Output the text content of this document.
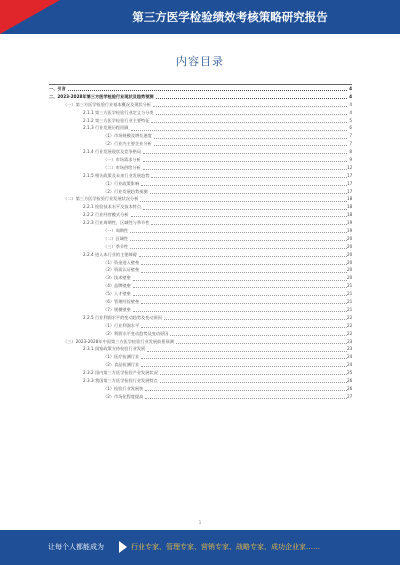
第三方医学检验绩效考核策略研究报告
内容目录
一、引言	4
二、2023-2028年第三方医学检验行业现状及趋势预测	4
（一）第三方医学检验行业基本概况及现状分析	4
2.1.1 第三方医学检验行业定义与分类	4
2.1.2 第三方医学检验行业主要特征	5
2.1.3 行业发展历程回顾	6
（1）市场规模及增长速度	7
（2）行业内主要企业分析	7
2.1.4 行业发展现状及竞争格局	8
（一）市场需求分析	9
（二）市场供给分析	12
2.1.5 相关政策及未来行业发展趋势	17
（1）行业政策影响	17
（2）行业发展趋势预测	17
（二）第三方医学检验行业发展状况分析	18
2.2.1 检验技术水平及技术特点	18
2.2.2 行业经营模式分析	18
2.2.3 行业周期性、区域性与季节性	19
（一）周期性	19
（二）区域性	20
（三）季节性	20
2.2.4 进入本行业的主要障碍	20
（1）资金进入壁垒	20
（2）资质认证壁垒	20
（3）技术壁垒	20
（4）品牌壁垒	21
（5）人才壁垒	21
（6）管理经验壁垒	21
（7）规模壁垒	21
2.2.5 行业利润水平的变动趋势及变动原因	22
（1）行业利润水平	22
（2）利润水平变动趋势及变动原因	22
（三）2023-2028年中国第三方医学检验行业发展前景预测	23
2.3.1 国家政策支持检验行业发展	23
（1）医疗检测行业	24
（2）食品检测行业	24
2.3.2 国内第三方医学检验产业发展状况	25
2.3.3 我国第三方医学检验行业发展特点	26
（1）检验行业发展快	26
（2）市场化程度提高	27
1
让每个人都能成为	行业专家、管理专家、营销专家、战略专家、成功企业家……
